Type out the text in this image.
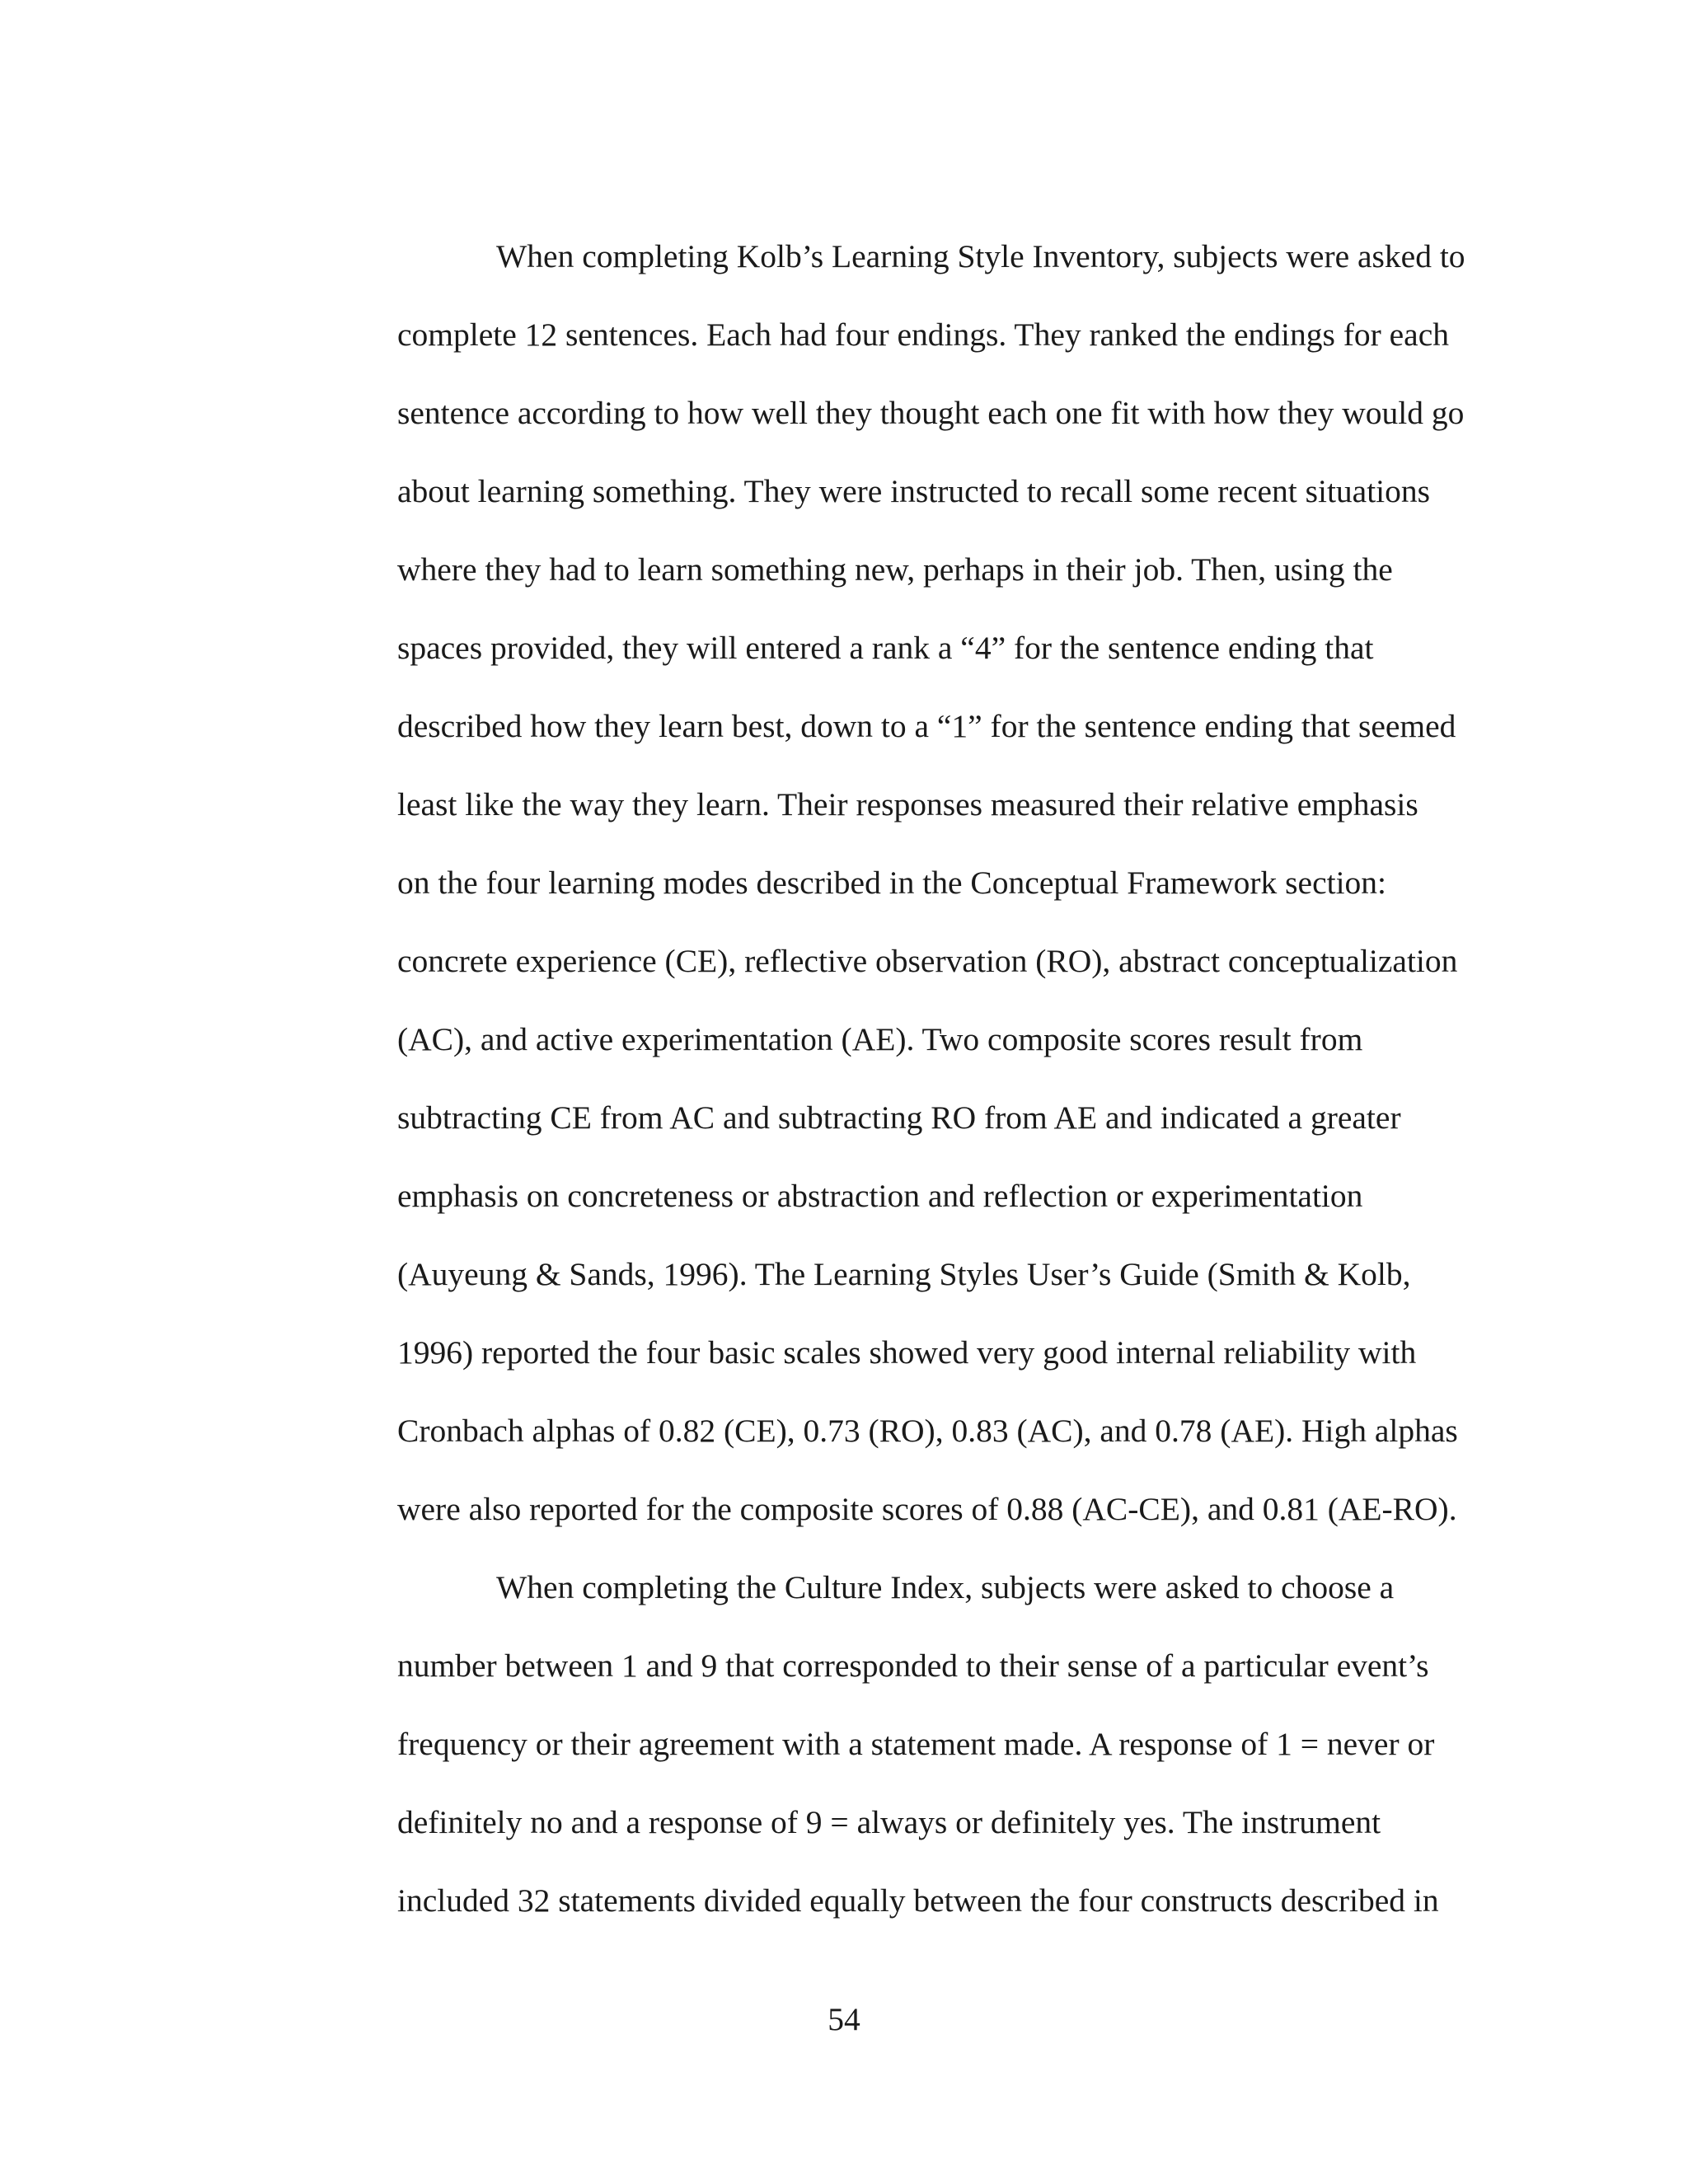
When completing Kolb’s Learning Style Inventory, subjects were asked to
complete 12 sentences. Each had four endings. They ranked the endings for each
sentence according to how well they thought each one fit with how they would go
about learning something. They were instructed to recall some recent situations
where they had to learn something new, perhaps in their job. Then, using the
spaces provided, they will entered a rank a “4” for the sentence ending that
described how they learn best, down to a “1” for the sentence ending that seemed
least like the way they learn. Their responses measured their relative emphasis
on the four learning modes described in the Conceptual Framework section:
concrete experience (CE), reflective observation (RO), abstract conceptualization
(AC), and active experimentation (AE). Two composite scores result from
subtracting CE from AC and subtracting RO from AE and indicated a greater
emphasis on concreteness or abstraction and reflection or experimentation
(Auyeung & Sands, 1996). The Learning Styles User’s Guide (Smith & Kolb,
1996) reported the four basic scales showed very good internal reliability with
Cronbach alphas of 0.82 (CE), 0.73 (RO), 0.83 (AC), and 0.78 (AE). High alphas
were also reported for the composite scores of 0.88 (AC-CE), and 0.81 (AE-RO).
When completing the Culture Index, subjects were asked to choose a
number between 1 and 9 that corresponded to their sense of a particular event’s
frequency or their agreement with a statement made. A response of 1 = never or
definitely no and a response of 9 = always or definitely yes. The instrument
included 32 statements divided equally between the four constructs described in
54
